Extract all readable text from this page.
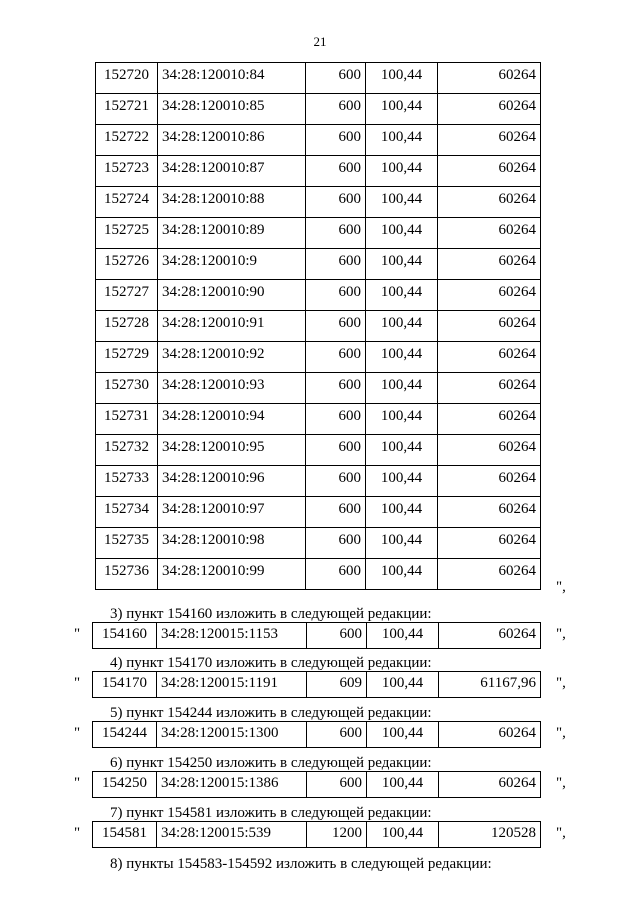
21
152720	34:28:120010:84	600	100,44	60264
152721	34:28:120010:85	600	100,44	60264
152722	34:28:120010:86	600	100,44	60264
152723	34:28:120010:87	600	100,44	60264
152724	34:28:120010:88	600	100,44	60264
152725	34:28:120010:89	600	100,44	60264
152726	34:28:120010:9	600	100,44	60264
152727	34:28:120010:90	600	100,44	60264
152728	34:28:120010:91	600	100,44	60264
152729	34:28:120010:92	600	100,44	60264
152730	34:28:120010:93	600	100,44	60264
152731	34:28:120010:94	600	100,44	60264
152732	34:28:120010:95	600	100,44	60264
152733	34:28:120010:96	600	100,44	60264
152734	34:28:120010:97	600	100,44	60264
152735	34:28:120010:98	600	100,44	60264
152736	34:28:120010:99	600	100,44	60264
",
3) пункт 154160 изложить в следующей редакции:
" 154160	34:28:120015:1153	600	100,44	60264 ",
4) пункт 154170 изложить в следующей редакции:
" 154170	34:28:120015:1191	609	100,44	61167,96 ",
5) пункт 154244 изложить в следующей редакции:
" 154244	34:28:120015:1300	600	100,44	60264 ",
6) пункт 154250 изложить в следующей редакции:
" 154250	34:28:120015:1386	600	100,44	60264 ",
7) пункт 154581 изложить в следующей редакции:
" 154581	34:28:120015:539	1200	100,44	120528 ",
8) пункты 154583-154592 изложить в следующей редакции:
